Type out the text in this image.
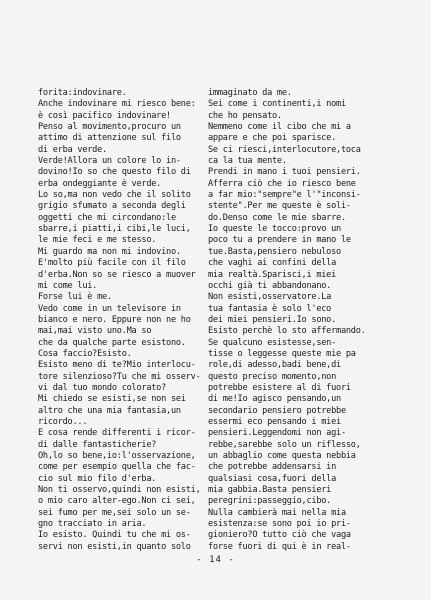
forita:indovinare.
Anche indovinare mi riesco bene:
è così pacifico indovinare!
Penso al movimento,procuro un
attimo di attenzione sul filo
di erba verde.
Verde!Allora un colore lo in-
dovino!Io so che questo filo di
erba ondeggiante è verde.
Lo so,ma non vedo che il solito
grigio sfumato a seconda degli
oggetti che mi circondano:le
sbarre,i piatti,i cibi,le luci,
le mie feci e me stesso.
Mi guardo ma non mi indovino.
E'molto più facile con il filo
d'erba.Non so se riesco a muover
mi come lui.
Forse lui è me.
Vedo come in un televisore in
bianco e nero. Eppure non ne ho
mai,mai visto uno.Ma so
che da qualche parte esistono.
Cosa faccio?Esisto.
Esisto meno di te?Mio interlocu-
tore silenzioso?Tu che mi osserv-
vi dal tuo mondo colorato?
Mi chiedo se esisti,se non sei
altro che una mia fantasia,un
ricordo...
E cosa rende differenti i ricor-
di dalle fantasticherie?
Oh,lo so bene,io:l'osservazione,
come per esempio quella che fac-
cio sul mio filo d'erba.
Non ti osservo,quindi non esisti,
o mio caro alter-ego.Non ci sei,
sei fumo per me,sei solo un se-
gno tracciato in aria.
Io esisto. Quindi tu che mi os-
servi non esisti,in quanto solo
immaginato da me.
Sei come i continenti,i nomi
che ho pensato.
Nemmeno come il cibo che mi a
appare e che poi sparisce.
Se ci riesci,interlocutore,toca
ca la tua mente.
Prendi in mano i tuoi pensieri.
Afferra ciò che io riesco bene
a far mio:"sempre"e l'"inconsi-
stente".Per me queste è soli-
do.Denso come le mie sbarre.
Io queste le tocco:provo un
poco tu a prendere in mano le
tue.Basta,pensiero nebuloso
che vaghi ai confini della
mia realtà.Sparisci,i miei
occhi già ti abbandonano.
Non esisti,osservatore.La
tua fantasia è solo l'eco
dei miei pensieri.Io sono.
Esisto perchè lo sto affermando.
Se qualcuno esistesse,sen-
tisse o leggesse queste mie pa
role,di adesso,badi bene,di
questo preciso momento,non
potrebbe esistere al di fuori
di me!Io agisco pensando,un
secondario pensiero potrebbe
essermi eco pensando i miei
pensieri.Leggendomi non agi-
rebbe,sarebbe solo un riflesso,
un abbaglio come questa nebbia
che potrebbe addensarsi in
qualsiasi cosa,fuori della
mia gabbia.Basta pensieri
peregrini:passeggio,cibo.
Nulla cambierà mai nella mia
esistenza:se sono poi io pri-
gioniero?O tutto ciò che vaga
forse fuori di qui è in real-
- 14 -
